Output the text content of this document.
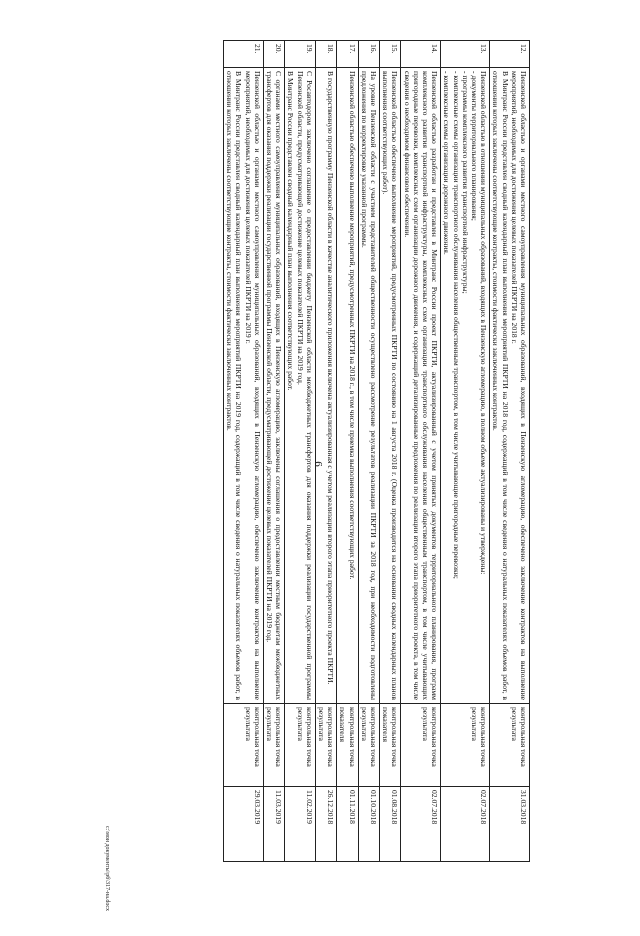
6
12.	Пензенской областью и органами местного самоуправления муниципальных образований, входящих в Пензенскую агломерацию, обеспечено заключение контрактов на выполнение мероприятий, необходимых для достижения целевых показателей ПКРТИ на 2018 г.
В Минтранс России представлен сводный календарный план выполнения мероприятий ПКРТИ на 2018 год, содержащий в том числе сведения о натуральных показателях объемов работ, в отношении которых заключены соответствующие контракты, стоимости фактически заключенных контрактов.	контрольная точка результата	31.03.2018
13.	Пензенской областью в отношении муниципальных образований, входящих в Пензенскую агломерацию, в полном объеме актуализированы и утверждены:
- документы территориального планирования;
- программы комплексного развития транспортной инфраструктуры;
- комплексные схемы организации транспортного обслуживания населения общественным транспортом, в том числе учитывающие пригородные перевозки;
- комплексные схемы организации дорожного движения.	контрольная точка результата	02.07.2018
14.	Пензенской областью разработан и представлен в Минтранс России проект ПКРТИ, актуализированный с учетом принятых документов территориального планирования, программ комплексного развития транспортной инфраструктуры, комплексных схем организации транспортного обслуживания населения общественным транспортом, в том числе учитывающих пригородные перевозки, комплексных схем организации дорожного движения, и содержащий детализированные предложения по реализации второго этапа приоритетного проекта, в том числе сведения о необходимом финансовом обеспечении.	контрольная точка результата	02.07.2018
15.	Пензенской областью обеспечено выполнение мероприятий, предусмотренных ПКРТИ по состоянию на 1 августа 2018 г. (Оценка производится на основании сводных календарных планов выполнения соответствующих работ).	контрольная точка показателя	01.08.2018
16.	На уровне Пензенской области с участием представителей общественности осуществлено рассмотрение результатов реализации ПКРТИ за 2018 год, при необходимости подготовлены предложения по корректировке указанной программы.	контрольная точка результата	01.10.2018
17.	Пензенской областью обеспечено выполнение мероприятий, предусмотренных ПКРТИ на 2018 г., в том числе приемка выполнения соответствующих работ.	контрольная точка показателя	01.11.2018
18.	В государственную программу Пензенской области в качестве аналитического приложения включена актуализированная с учетом реализации второго этапа приоритетного проекта ПКРТИ.	контрольная точка результата	26.12.2018
19.	С Росавтодором заключено соглашение о предоставлении бюджету Пензенской области межбюджетных трансфертов для оказания поддержки реализации государственной программы Пензенской области, предусматривающей достижение целевых показателей ПКРТИ на 2019 год.
В Минтранс России представлен сводный календарный план выполнения соответствующих работ.	контрольная точка результата	11.02.2019
20.	С органами местного самоуправления муниципальных образований, входящих в Пензенскую агломерацию, заключены соглашения о предоставлении местным бюджетам межбюджетных трансфертов для оказания поддержки реализации государственной программы Пензенской области, предусматривающей достижение целевых показателей ПКРТИ на 2019 год.	контрольная точка результата	11.03.2019
21.	Пензенской областью и органами местного самоуправления муниципальных образований, входящих в Пензенскую агломерацию, обеспечено заключение контрактов на выполнение мероприятий, необходимых для достижения целевых показателей ПКРТИ на 2019 г.
В Минтранс России представлен сводный календарный план выполнения мероприятий ПКРТИ на 2019 год, содержащий в том числе сведения о натуральных показателях объемов работ, в отношении которых заключены соответствующие контракты, стоимости фактически заключенных контрактов.	контрольная точка результата	29.03.2019
c:\мои документы\рб\317-на.docx
